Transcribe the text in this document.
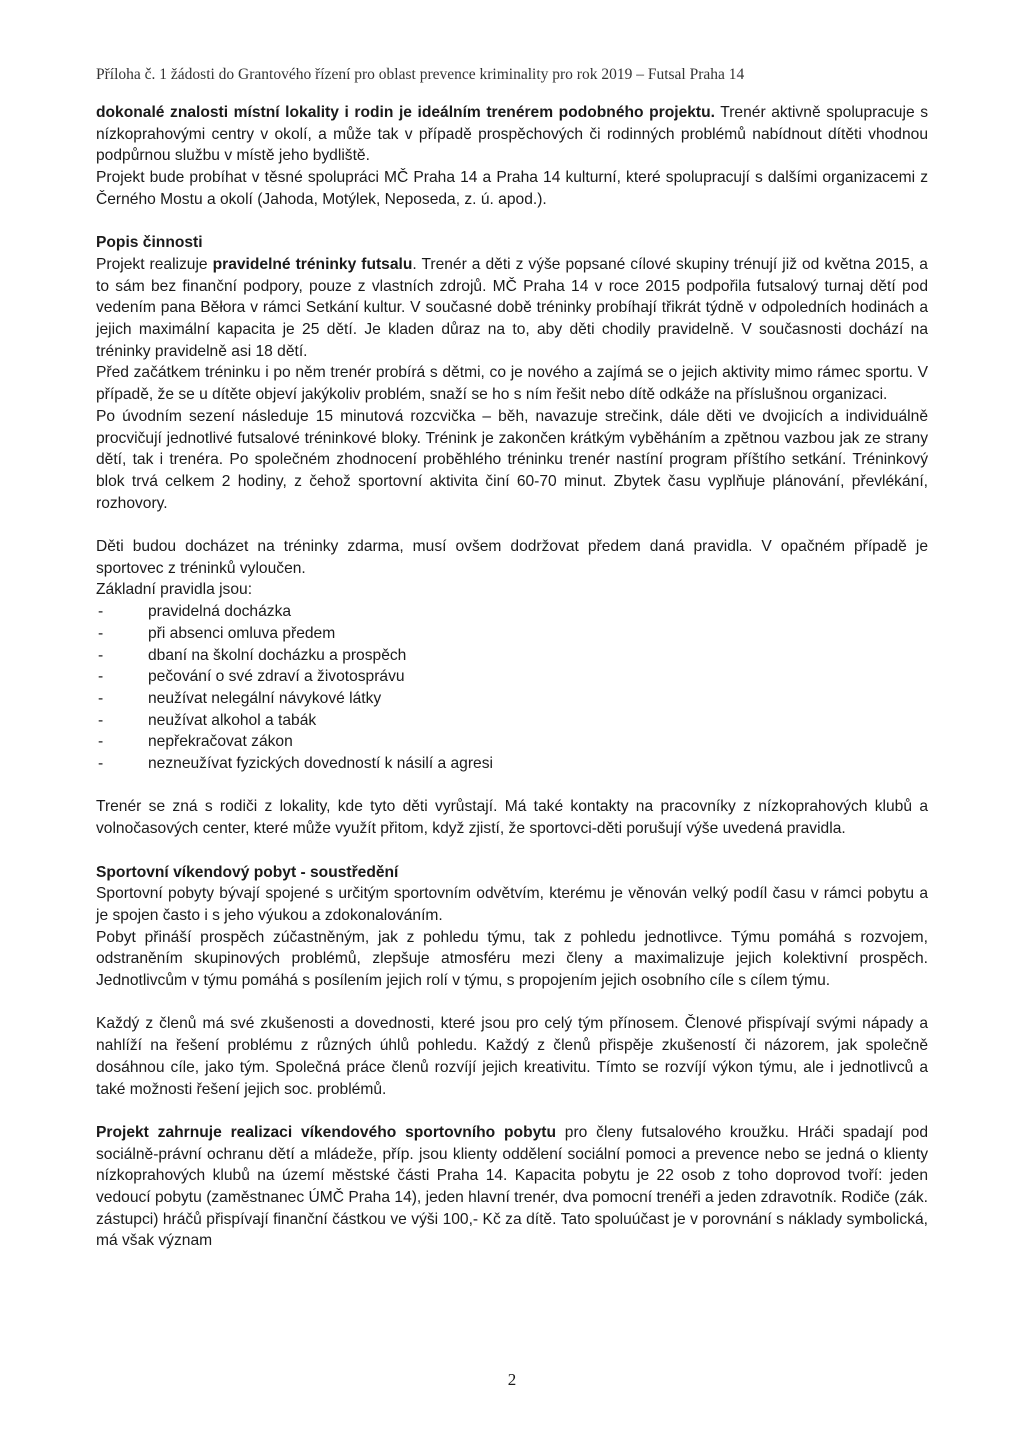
Příloha č. 1 žádosti do Grantového řízení pro oblast prevence kriminality pro rok 2019 – Futsal Praha 14

dokonalé znalosti místní lokality i rodin je ideálním trenérem podobného projektu. Trenér aktivně spolupracuje s nízkoprahovými centry v okolí, a může tak v případě prospěchových či rodinných problémů nabídnout dítěti vhodnou podpůrnou službu v místě jeho bydliště.

Projekt bude probíhat v těsné spolupráci MČ Praha 14 a Praha 14 kulturní, které spolupracují s dalšími organizacemi z Černého Mostu a okolí (Jahoda, Motýlek, Neposeda, z. ú. apod.).

Popis činnosti

Projekt realizuje pravidelné tréninky futsalu. Trenér a děti z výše popsané cílové skupiny trénují již od května 2015, a to sám bez finanční podpory, pouze z vlastních zdrojů. MČ Praha 14 v roce 2015 podpořila futsalový turnaj dětí pod vedením pana Běłora v rámci Setkání kultur. V současné době tréninky probíhají třikrát týdně v odpoledních hodinách a jejich maximální kapacita je 25 dětí. Je kladen důraz na to, aby děti chodily pravidelně. V současnosti dochází na tréninky pravidelně asi 18 dětí.

Před začátkem tréninku i po něm trenér probírá s dětmi, co je nového a zajímá se o jejich aktivity mimo rámec sportu. V případě, že se u dítěte objeví jakýkoliv problém, snaží se ho s ním řešit nebo dítě odkáže na příslušnou organizaci.

Po úvodním sezení následuje 15 minutová rozcvička – běh, navazuje strečink, dále děti ve dvojicích a individuálně procvičují jednotlivé futsalové tréninkové bloky. Trénink je zakončen krátkým vyběháním a zpětnou vazbou jak ze strany dětí, tak i trenéra. Po společném zhodnocení proběhlého tréninku trenér nastíní program příštího setkání. Tréninkový blok trvá celkem 2 hodiny, z čehož sportovní aktivita činí 60-70 minut. Zbytek času vyplňuje plánování, převlékání, rozhovory.

Děti budou docházet na tréninky zdarma, musí ovšem dodržovat předem daná pravidla. V opačném případě je sportovec z tréninků vyloučen.

Základní pravidla jsou:

-	pravidelná docházka
-	při absenci omluva předem
-	dbaní na školní docházku a prospěch
-	pečování o své zdraví a životosprávu
-	neužívat nelegální návykové látky
-	neužívat alkohol a tabák
-	nepřekračovat zákon
-	nezneužívat fyzických dovedností k násilí a agresi

Trenér se zná s rodiči z lokality, kde tyto děti vyrůstají. Má také kontakty na pracovníky z nízkoprahových klubů a volnočasových center, které může využít přitom, když zjistí, že sportovci-děti porušují výše uvedená pravidla.

Sportovní víkendový pobyt - soustředění

Sportovní pobyty bývají spojené s určitým sportovním odvětvím, kterému je věnován velký podíl času v rámci pobytu a je spojen často i s jeho výukou a zdokonalováním.

Pobyt přináší prospěch zúčastněným, jak z pohledu týmu, tak z pohledu jednotlivce. Týmu pomáhá s rozvojem, odstraněním skupinových problémů, zlepšuje atmosféru mezi členy a maximalizuje jejich kolektivní prospěch. Jednotlivcům v týmu pomáhá s posílením jejich rolí v týmu, s propojením jejich osobního cíle s cílem týmu.

Každý z členů má své zkušenosti a dovednosti, které jsou pro celý tým přínosem. Členové přispívají svými nápady a nahlíží na řešení problému z různých úhlů pohledu. Každý z členů přispěje zkušeností či názorem, jak společně dosáhnou cíle, jako tým. Společná práce členů rozvíjí jejich kreativitu. Tímto se rozvíjí výkon týmu, ale i jednotlivců a také možnosti řešení jejich soc. problémů.

Projekt zahrnuje realizaci víkendového sportovního pobytu pro členy futsalového kroužku. Hráči spadají pod sociálně-právní ochranu dětí a mládeže, příp. jsou klienty oddělení sociální pomoci a prevence nebo se jedná o klienty nízkoprahových klubů na území městské části Praha 14. Kapacita pobytu je 22 osob z toho doprovod tvoří: jeden vedoucí pobytu (zaměstnanec ÚMČ Praha 14), jeden hlavní trenér, dva pomocní trenéři a jeden zdravotník. Rodiče (zák. zástupci) hráčů přispívají finanční částkou ve výši 100,- Kč za dítě. Tato spoluúčast je v porovnání s náklady symbolická, má však význam

2
